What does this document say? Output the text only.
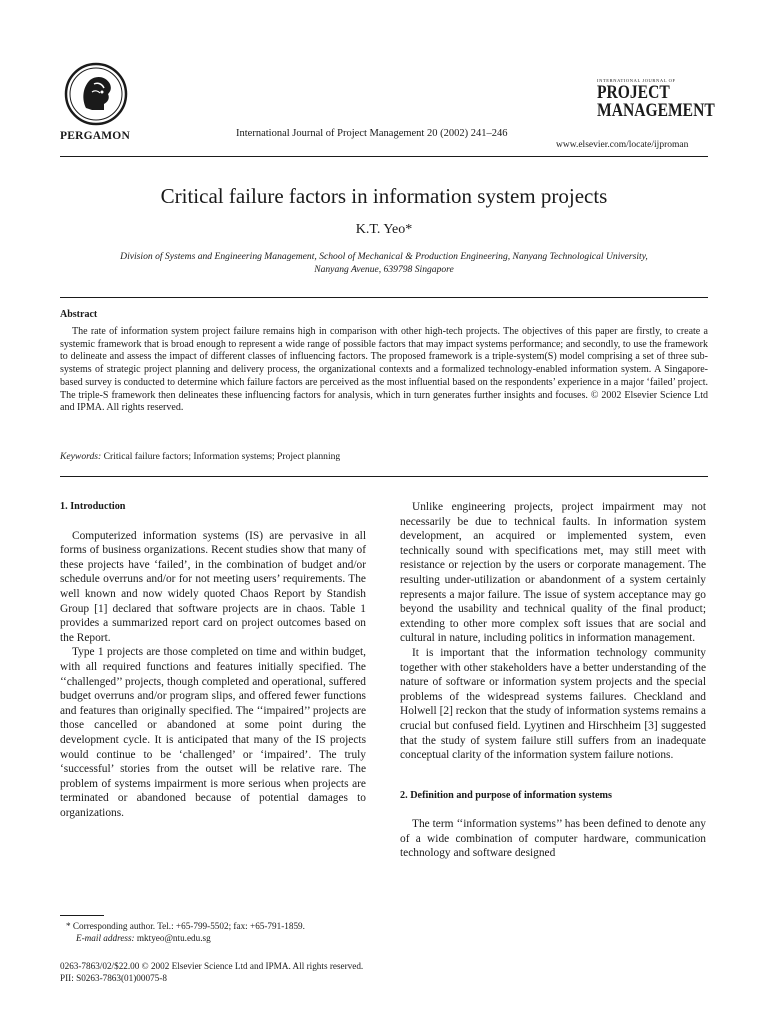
PERGAMON	International Journal of Project Management 20 (2002) 241–246
INTERNATIONAL JOURNAL OF
PROJECT
MANAGEMENT
www.elsevier.com/locate/ijproman
Critical failure factors in information system projects
K.T. Yeo*
Division of Systems and Engineering Management, School of Mechanical & Production Engineering, Nanyang Technological University,
Nanyang Avenue, 639798 Singapore
Abstract

The rate of information system project failure remains high in comparison with other high-tech projects. The objectives of this paper are firstly, to create a systemic framework that is broad enough to represent a wide range of possible factors that may impact systems performance; and secondly, to use the framework to delineate and assess the impact of different classes of influencing factors. The proposed framework is a triple-system(S) model comprising a set of three sub-systems of strategic project planning and delivery process, the organizational contexts and a formalized technology-enabled information system. A Singapore-based survey is conducted to determine which failure factors are perceived as the most influential based on the respondents’ experience in a major ‘failed’ project. The triple-S framework then delineates these influencing factors for analysis, which in turn generates further insights and focuses. © 2002 Elsevier Science Ltd and IPMA. All rights reserved.

Keywords: Critical failure factors; Information systems; Project planning

1. Introduction

Computerized information systems (IS) are pervasive in all forms of business organizations. Recent studies show that many of these projects have ‘failed’, in the combination of budget and/or schedule overruns and/or for not meeting users’ requirements. The well known and now widely quoted Chaos Report by Standish Group [1] declared that software projects are in chaos. Table 1 provides a summarized report card on project outcomes based on the Report.

Type 1 projects are those completed on time and within budget, with all required functions and features initially specified. The ‘‘challenged’’ projects, though completed and operational, suffered budget overruns and/or program slips, and offered fewer functions and features than originally specified. The ‘‘impaired’’ projects are those cancelled or abandoned at some point during the development cycle. It is anticipated that many of the IS projects would continue to be ‘challenged’ or ‘impaired’. The truly ‘successful’ stories from the outset will be relative rare. The problem of systems impairment is more serious when projects are terminated or abandoned because of potential damages to organizations.

Unlike engineering projects, project impairment may not necessarily be due to technical faults. In information system development, an acquired or implemented system, even technically sound with specifications met, may still meet with resistance or rejection by the users or corporate management. The resulting under-utilization or abandonment of a system certainly represents a major failure. The issue of system acceptance may go beyond the usability and technical quality of the final product; extending to other more complex soft issues that are social and cultural in nature, including politics in information management.

It is important that the information technology community together with other stakeholders have a better understanding of the nature of software or information system projects and the special problems of the widespread systems failures. Checkland and Holwell [2] reckon that the study of information systems remains a crucial but confused field. Lyytinen and Hirschheim [3] suggested that the study of system failure still suffers from an inadequate conceptual clarity of the information system failure notions.

2. Definition and purpose of information systems

The term ‘‘information systems’’ has been defined to denote any of a wide combination of computer hardware, communication technology and software designed

* Corresponding author. Tel.: +65-799-5502; fax: +65-791-1859.
E-mail address: mktyeo@ntu.edu.sg
0263-7863/02/$22.00 © 2002 Elsevier Science Ltd and IPMA. All rights reserved.
PII: S0263-7863(01)00075-8
